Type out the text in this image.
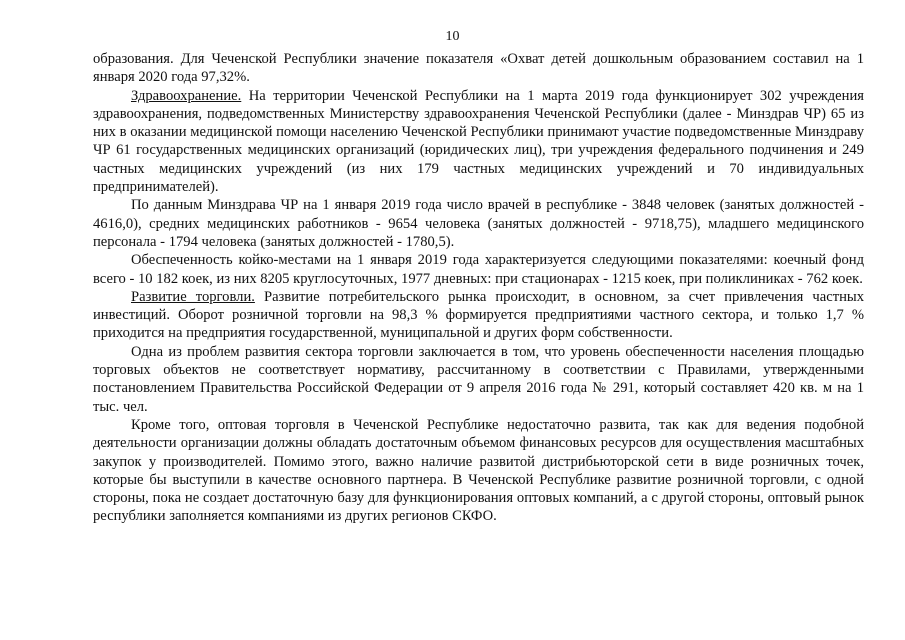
10

образования. Для Чеченской Республики значение показателя «Охват детей дошкольным образованием составил на 1 января 2020 года 97,32%.

Здравоохранение. На территории Чеченской Республики на 1 марта 2019 года функционирует 302 учреждения здравоохранения, подведомственных Министерству здравоохранения Чеченской Республики (далее - Минздрав ЧР) 65 из них в оказании медицинской помощи населению Чеченской Республики принимают участие подведомственные Минздраву ЧР 61 государственных медицинских организаций (юридических лиц), три учреждения федерального подчинения и 249 частных медицинских учреждений (из них 179 частных медицинских учреждений и 70 индивидуальных предпринимателей).

По данным Минздрава ЧР на 1 января 2019 года число врачей в республике - 3848 человек (занятых должностей - 4616,0), средних медицинских работников - 9654 человека (занятых должностей - 9718,75), младшего медицинского персонала - 1794 человека (занятых должностей - 1780,5).

Обеспеченность койко-местами на 1 января 2019 года характеризуется следующими показателями: коечный фонд всего - 10 182 коек, из них 8205 круглосуточных, 1977 дневных: при стационарах - 1215 коек, при поликлиниках - 762 коек.

Развитие торговли. Развитие потребительского рынка происходит, в основном, за счет привлечения частных инвестиций. Оборот розничной торговли на 98,3 % формируется предприятиями частного сектора, и только 1,7 % приходится на предприятия государственной, муниципальной и других форм собственности.

Одна из проблем развития сектора торговли заключается в том, что уровень обеспеченности населения площадью торговых объектов не соответствует нормативу, рассчитанному в соответствии с Правилами, утвержденными постановлением Правительства Российской Федерации от 9 апреля 2016 года № 291, который составляет 420 кв. м на 1 тыс. чел.

Кроме того, оптовая торговля в Чеченской Республике недостаточно развита, так как для ведения подобной деятельности организации должны обладать достаточным объемом финансовых ресурсов для осуществления масштабных закупок у производителей. Помимо этого, важно наличие развитой дистрибьюторской сети в виде розничных точек, которые бы выступили в качестве основного партнера. В Чеченской Республике развитие розничной торговли, с одной стороны, пока не создает достаточную базу для функционирования оптовых компаний, а с другой стороны, оптовый рынок республики заполняется компаниями из других регионов СКФО.
